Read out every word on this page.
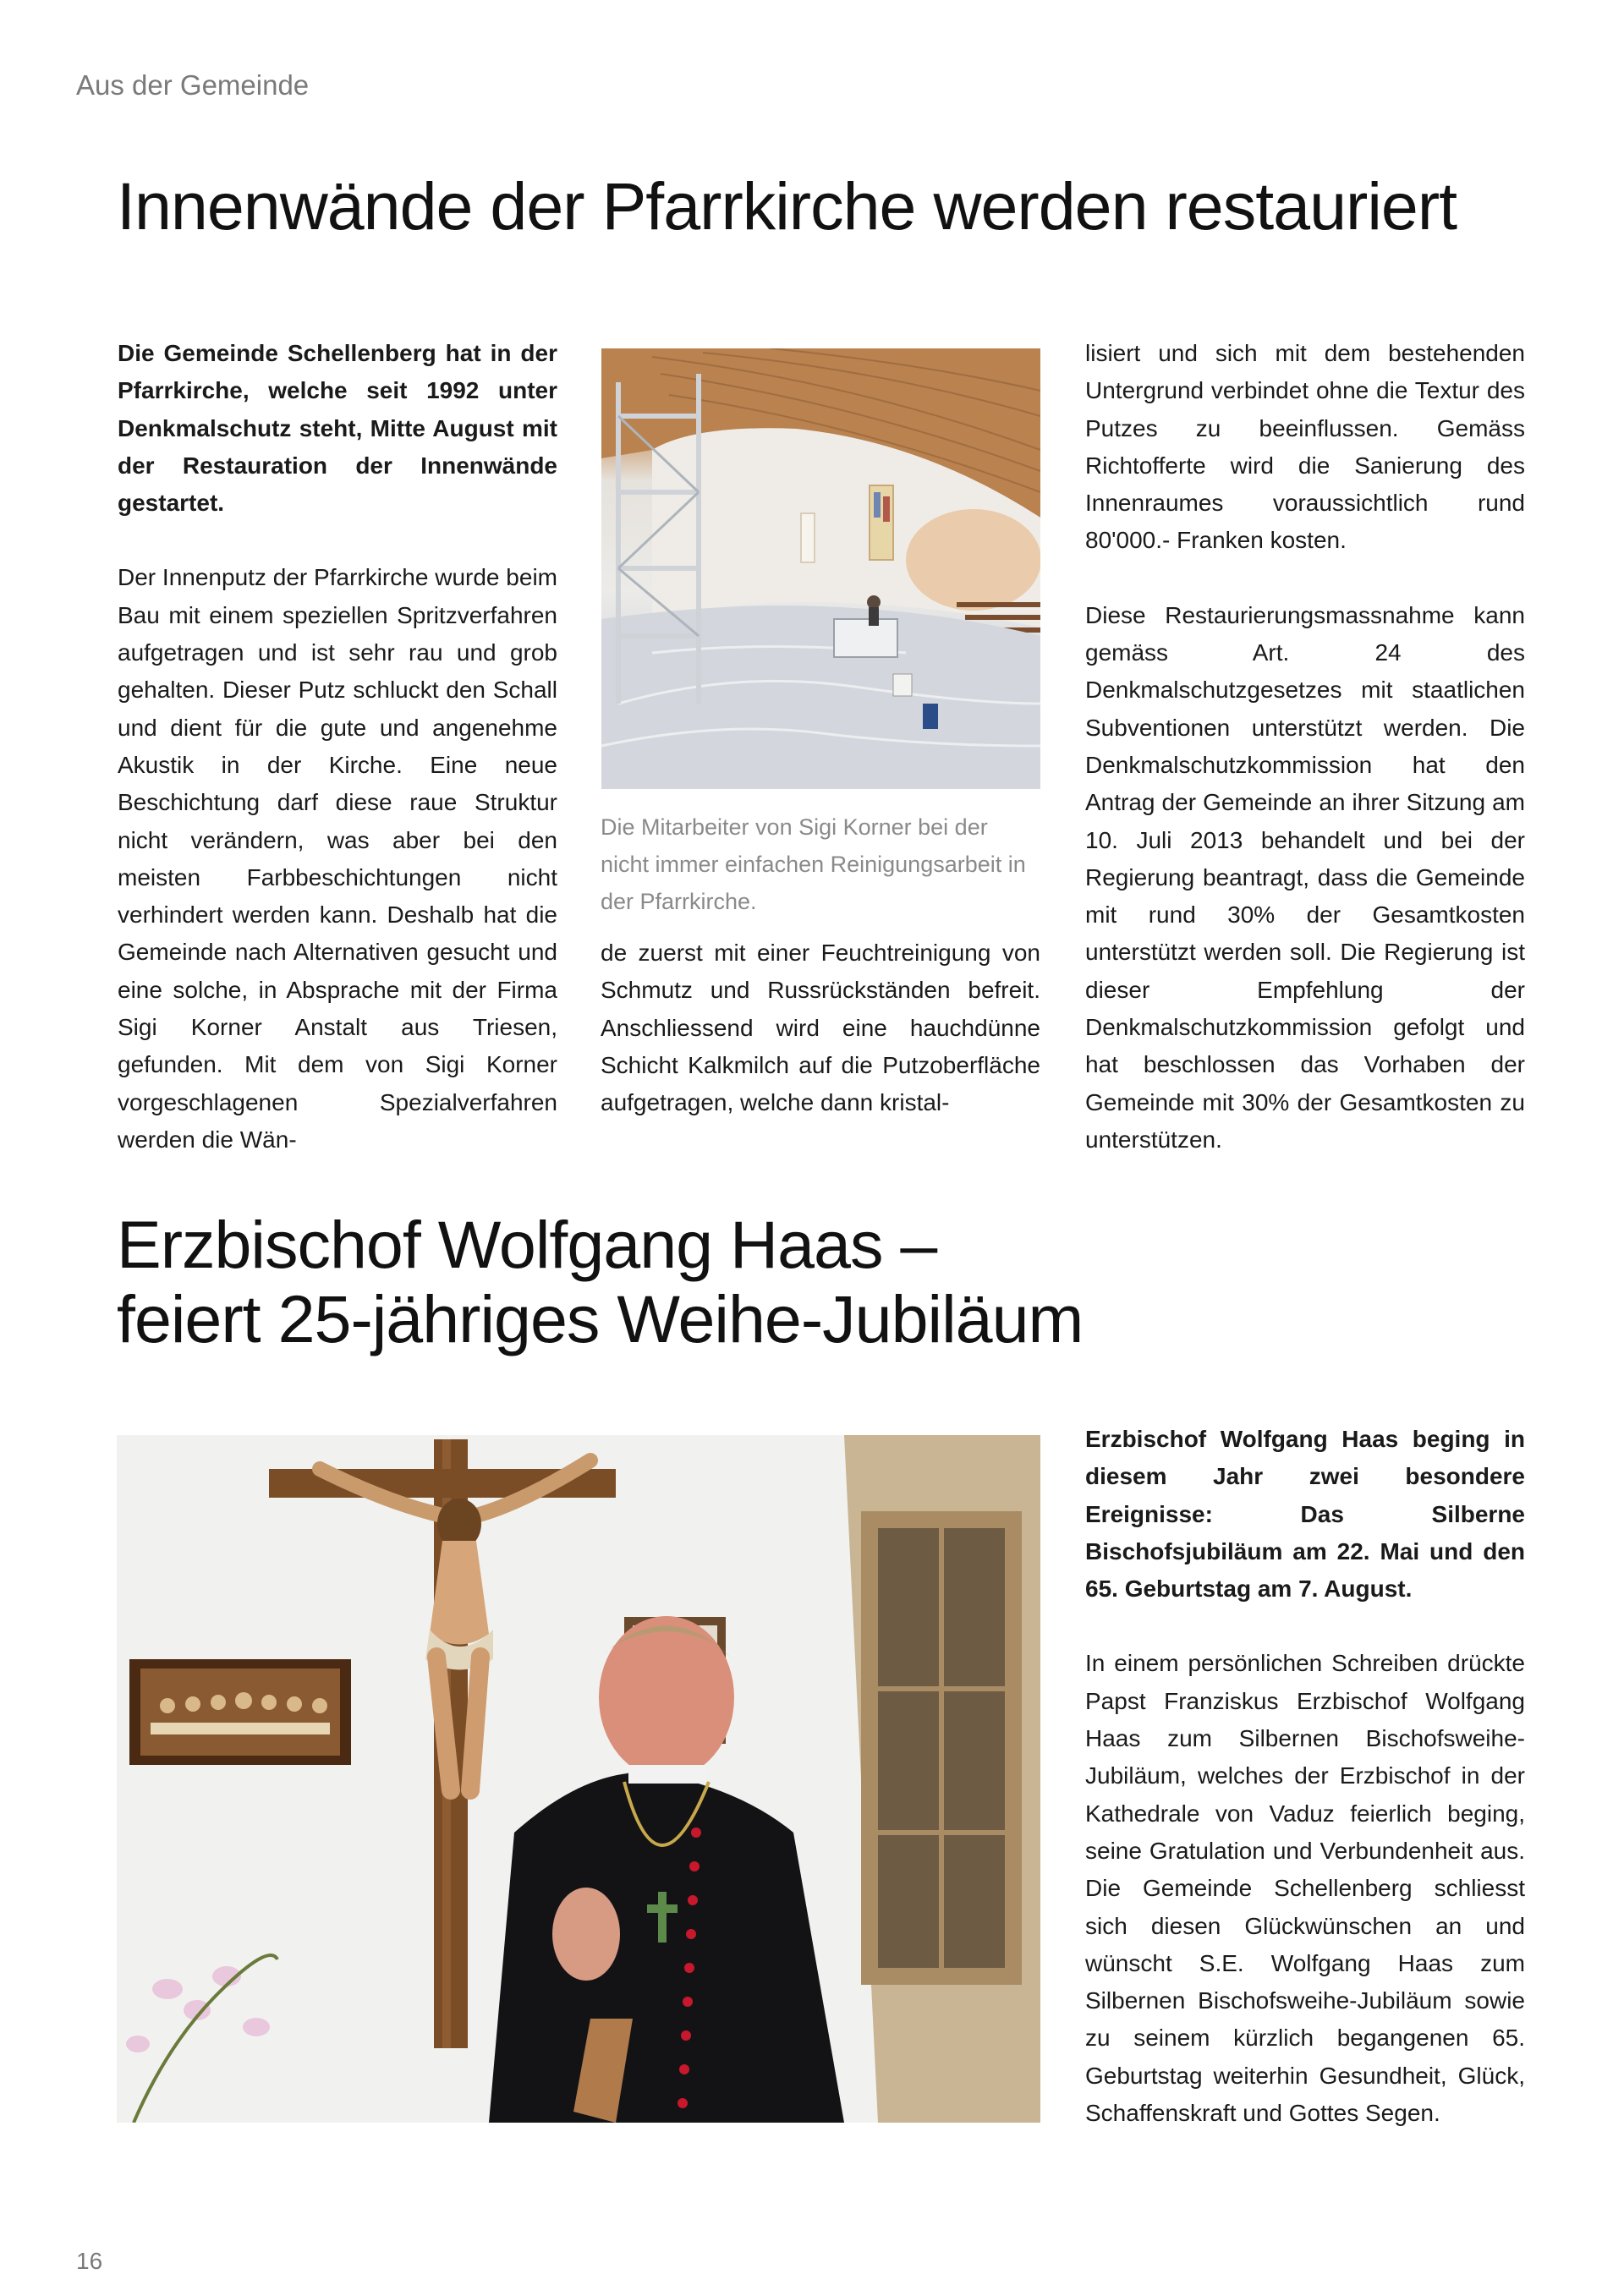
Aus der Gemeinde
Innenwände der Pfarrkirche werden restauriert

Die Gemeinde Schellenberg hat in der Pfarrkirche, welche seit 1992 unter Denkmalschutz steht, Mitte August mit der Restauration der Innenwände gestartet.

Der Innenputz der Pfarrkirche wurde beim Bau mit einem speziellen Spritzverfahren aufgetragen und ist sehr rau und grob gehalten. Dieser Putz schluckt den Schall und dient für die gute und angenehme Akustik in der Kirche. Eine neue Beschichtung darf diese raue Struktur nicht verändern, was aber bei den meisten Farbbeschichtungen nicht verhindert werden kann. Deshalb hat die Gemeinde nach Alternativen gesucht und eine solche, in Absprache mit der Firma Sigi Korner Anstalt aus Triesen, gefunden. Mit dem von Sigi Korner vorgeschlagenen Spezialverfahren werden die Wän-

Die Mitarbeiter von Sigi Korner bei der nicht immer einfachen Reinigungsarbeit in der Pfarrkirche.

de zuerst mit einer Feuchtreinigung von Schmutz und Russrückständen befreit. Anschliessend wird eine hauchdünne Schicht Kalkmilch auf die Putzoberfläche aufgetragen, welche dann kristal-

lisiert und sich mit dem bestehenden Untergrund verbindet ohne die Textur des Putzes zu beeinflussen. Gemäss Richtofferte wird die Sanierung des Innenraumes voraussichtlich rund 80'000.- Franken kosten.

Diese Restaurierungsmassnahme kann gemäss Art. 24 des Denkmalschutzgesetzes mit staatlichen Subventionen unterstützt werden. Die Denkmalschutzkommission hat den Antrag der Gemeinde an ihrer Sitzung am 10. Juli 2013 behandelt und bei der Regierung beantragt, dass die Gemeinde mit rund 30% der Gesamtkosten unterstützt werden soll. Die Regierung ist dieser Empfehlung der Denkmalschutzkommission gefolgt und hat beschlossen das Vorhaben der Gemeinde mit 30% der Gesamtkosten zu unterstützen.

Erzbischof Wolfgang Haas –
feiert 25-jähriges Weihe-Jubiläum

Erzbischof Wolfgang Haas beging in diesem Jahr zwei besondere Ereignisse: Das Silberne Bischofsjubiläum am 22. Mai und den 65. Geburtstag am 7. August.

In einem persönlichen Schreiben drückte Papst Franziskus Erzbischof Wolfgang Haas zum Silbernen Bischofsweihe-Jubiläum, welches der Erzbischof in der Kathedrale von Vaduz feierlich beging, seine Gratulation und Verbundenheit aus. Die Gemeinde Schellenberg schliesst sich diesen Glückwünschen an und wünscht S.E. Wolfgang Haas zum Silbernen Bischofsweihe-Jubiläum sowie zu seinem kürzlich begangenen 65. Geburtstag weiterhin Gesundheit, Glück, Schaffenskraft und Gottes Segen.

16
